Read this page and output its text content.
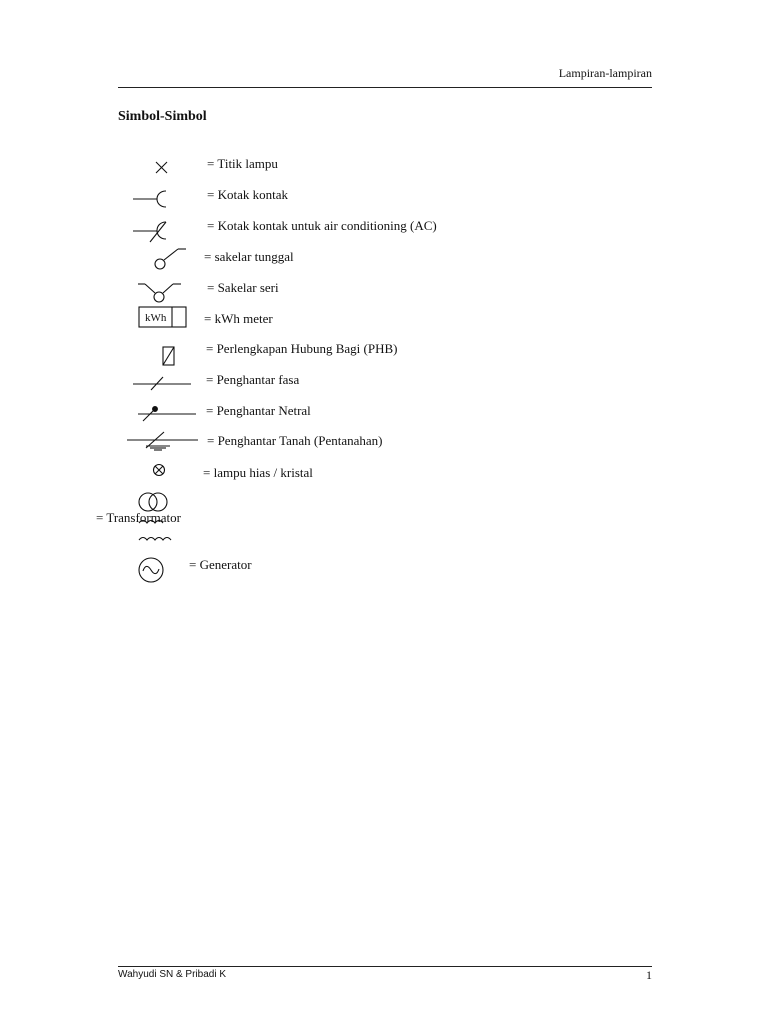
Lampiran-lampiran
Simbol-Simbol
kWh
= Titik lampu
= Kotak kontak
= Kotak kontak untuk air conditioning (AC)
= sakelar tunggal
= Sakelar seri
= kWh meter
= Perlengkapan Hubung Bagi (PHB)
= Penghantar fasa
= Penghantar Netral
= Penghantar Tanah (Pentanahan)
= lampu hias / kristal
= Transformator
= Generator
Wahyudi SN & Pribadi K	1
